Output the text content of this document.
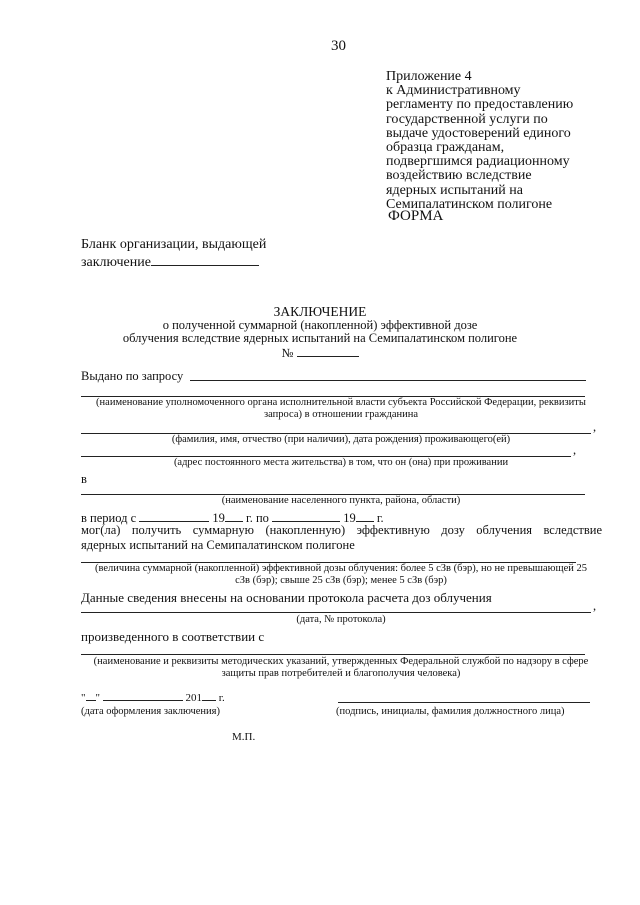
30
Приложение 4
к Административному
регламенту по предоставлению
государственной услуги по
выдаче удостоверений единого
образца гражданам,
подвергшимся радиационному
воздействию вследствие
ядерных испытаний на
Семипалатинском полигоне
ФОРМА
Бланк организации, выдающей
заключение
ЗАКЛЮЧЕНИЕ
о полученной суммарной (накопленной) эффективной дозе
облучения вследствие ядерных испытаний на Семипалатинском полигоне
№
Выдано по запросу
(наименование уполномоченного органа исполнительной власти субъекта Российской Федерации, реквизиты
запроса) в отношении гражданина
,
(фамилия, имя, отчество (при наличии), дата рождения) проживающего(ей)
,
(адрес постоянного места жительства) в том, что он (она) при проживании
в
(наименование населенного пункта, района, области)
в период с	19 г. по	19 г.
мог(ла) получить суммарную (накопленную) эффективную дозу облучения вследствие
ядерных испытаний на Семипалатинском полигоне
(величина суммарной (накопленной) эффективной дозы облучения: более 5 сЗв (бэр), но не превышающей 25
сЗв (бэр); свыше 25 сЗв (бэр); менее 5 сЗв (бэр)
Данные сведения внесены на основании протокола расчета доз облучения
,
(дата, № протокола)
произведенного в соответствии с
(наименование и реквизиты методических указаний, утвержденных Федеральной службой по надзору в сфере
защиты прав потребителей и благополучия человека)
" "	201 г.
(дата оформления заключения)	(подпись, инициалы, фамилия должностного лица)
М.П.
